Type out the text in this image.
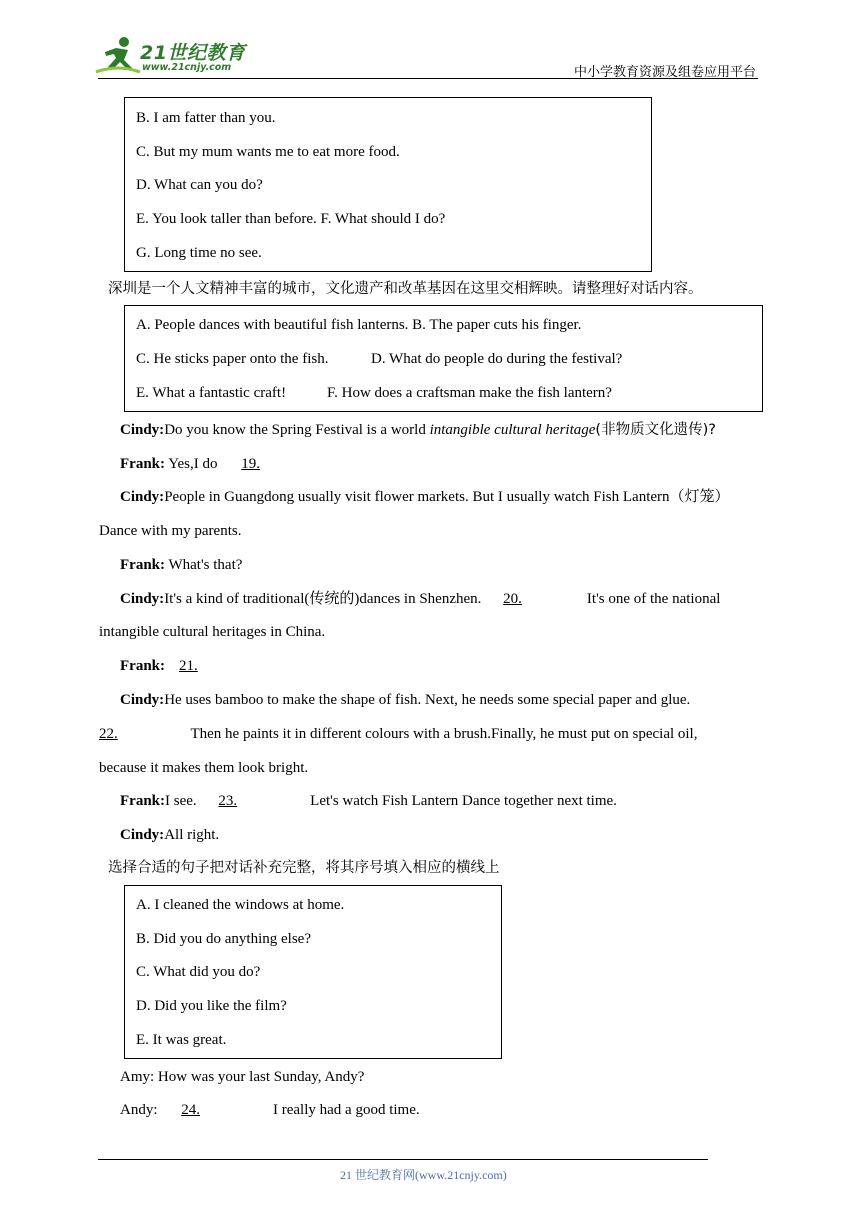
21世纪教育
www.21cnjy.com	中小学教育资源及组卷应用平台
B. I am fatter than you.
C. But my mum wants me to eat more food.
D. What can you do?
E. You look taller than before. F. What should I do?
G. Long time no see.
深圳是一个人文精神丰富的城市，文化遗产和改革基因在这里交相辉映。请整理好对话内容。
A. People dances with beautiful fish lanterns. B. The paper cuts his finger.
C. He sticks paper onto the fish.	D. What do people do during the festival?
E. What a fantastic craft!	F. How does a craftsman make the fish lantern?
Cindy:Do you know the Spring Festival is a world intangible cultural heritage(非物质文化遗传)?
Frank: Yes,I do 19.
Cindy:People in Guangdong usually visit flower markets. But I usually watch Fish Lantern（灯笼）
Dance with my parents.
Frank: What's that?
Cindy:It's a kind of traditional(传统的)dances in Shenzhen. 20.	It's one of the national
intangible cultural heritages in China.
Frank: 21.
Cindy:He uses bamboo to make the shape of fish. Next, he needs some special paper and glue.
22.	Then he paints it in different colours with a brush.Finally, he must put on special oil,
because it makes them look bright.
Frank:I see. 23.	Let's watch Fish Lantern Dance together next time.
Cindy:All right.
选择合适的句子把对话补充完整，将其序号填入相应的横线上
A. I cleaned the windows at home.
B. Did you do anything else?
C. What did you do?
D. Did you like the film?
E. It was great.
Amy: How was your last Sunday, Andy?
Andy: 24.	I really had a good time.
21 世纪教育网(www.21cnjy.com)
